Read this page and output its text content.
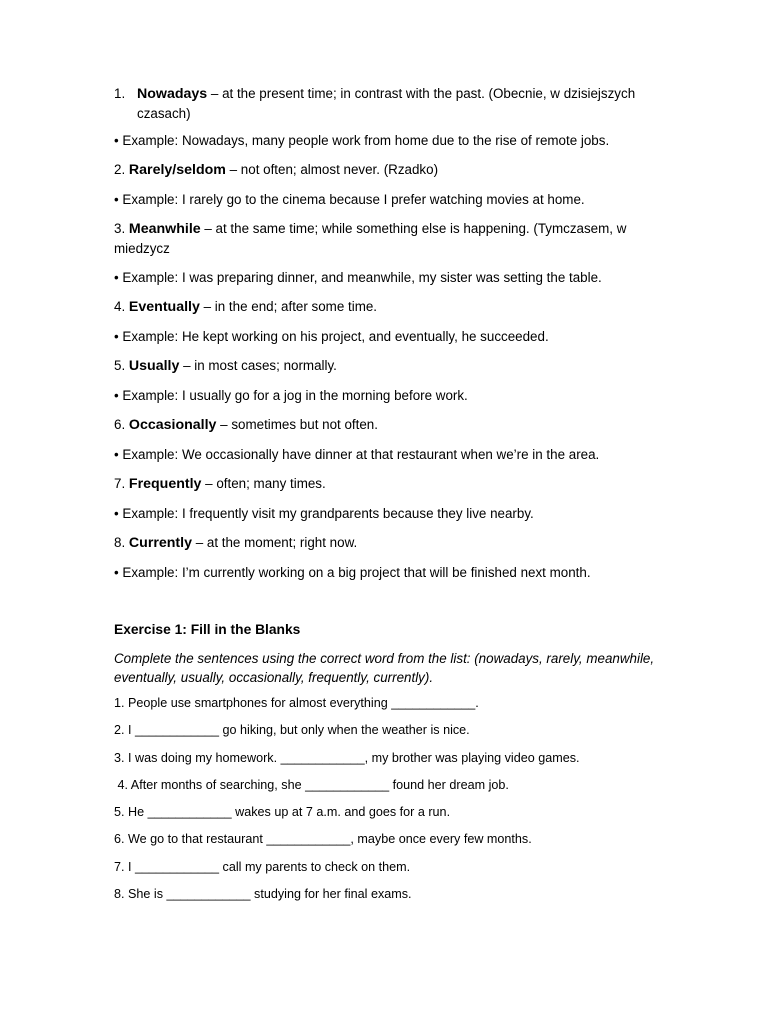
1. Nowadays – at the present time; in contrast with the past. (Obecnie, w dzisiejszych czasach)
• Example: Nowadays, many people work from home due to the rise of remote jobs.
2. Rarely/seldom – not often; almost never. (Rzadko)
• Example: I rarely go to the cinema because I prefer watching movies at home.
3. Meanwhile – at the same time; while something else is happening. (Tymczasem, w miedzycz
• Example: I was preparing dinner, and meanwhile, my sister was setting the table.
4. Eventually – in the end; after some time.
• Example: He kept working on his project, and eventually, he succeeded.
5. Usually – in most cases; normally.
• Example: I usually go for a jog in the morning before work.
6. Occasionally – sometimes but not often.
• Example: We occasionally have dinner at that restaurant when we’re in the area.
7. Frequently – often; many times.
• Example: I frequently visit my grandparents because they live nearby.
8. Currently – at the moment; right now.
• Example: I’m currently working on a big project that will be finished next month.
Exercise 1: Fill in the Blanks
Complete the sentences using the correct word from the list: (nowadays, rarely, meanwhile, eventually, usually, occasionally, frequently, currently).
1. People use smartphones for almost everything ____________.
2. I ____________ go hiking, but only when the weather is nice.
3. I was doing my homework. ____________, my brother was playing video games.
4. After months of searching, she ____________ found her dream job.
5. He ____________ wakes up at 7 a.m. and goes for a run.
6. We go to that restaurant ____________, maybe once every few months.
7. I ____________ call my parents to check on them.
8. She is ____________ studying for her final exams.
